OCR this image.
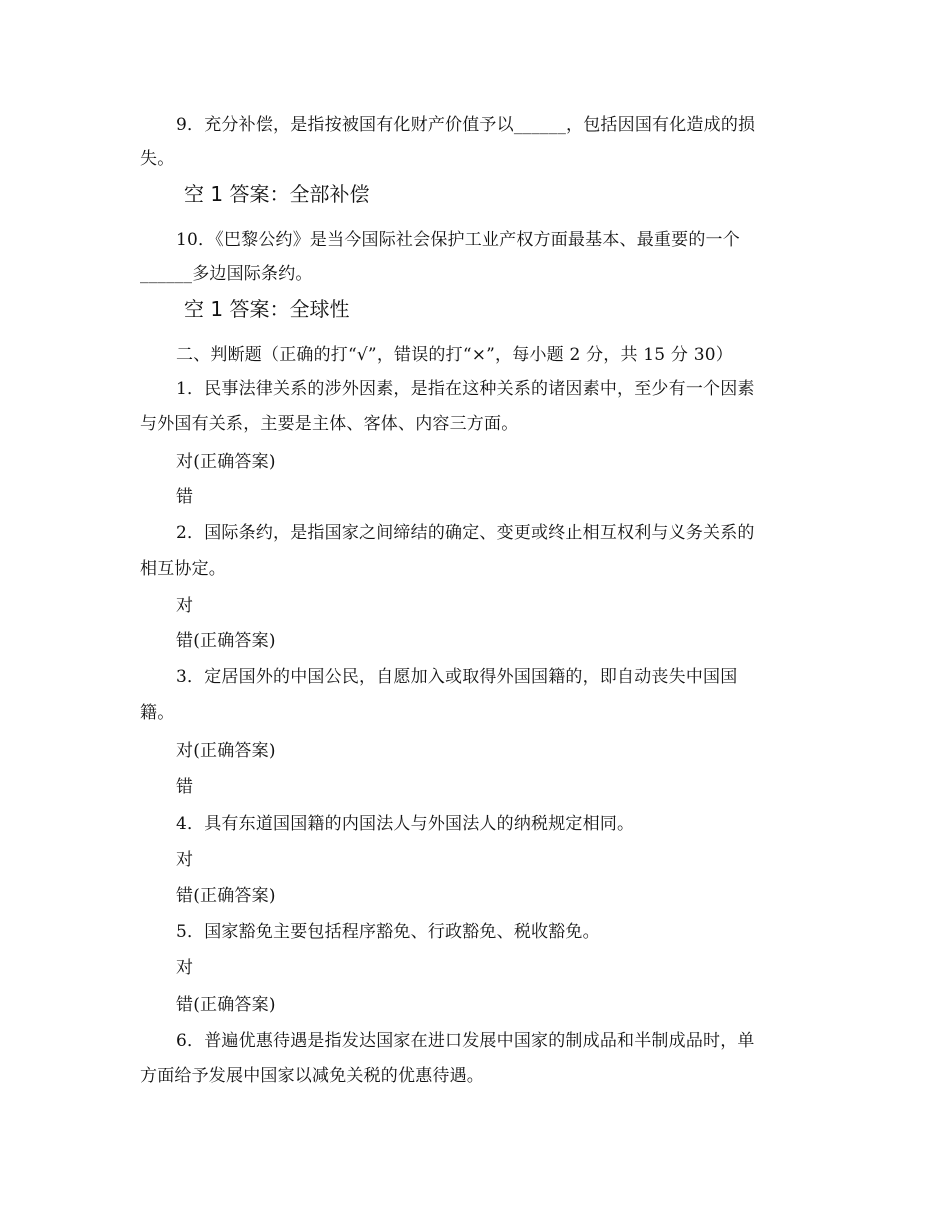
9．充分补偿，是指按被国有化财产价值予以______，包括因国有化造成的损
失。
空 1 答案：全部补偿
10．《巴黎公约》是当今国际社会保护工业产权方面最基本、最重要的一个
______多边国际条约。
空 1 答案：全球性
二、判断题（正确的打“√”，错误的打“×”，每小题 2 分，共 15 分 30）
1．民事法律关系的涉外因素，是指在这种关系的诸因素中，至少有一个因素
与外国有关系，主要是主体、客体、内容三方面。
对(正确答案)
错
2．国际条约，是指国家之间缔结的确定、变更或终止相互权利与义务关系的
相互协定。
对
错(正确答案)
3．定居国外的中国公民，自愿加入或取得外国国籍的，即自动丧失中国国
籍。
对(正确答案)
错
4．具有东道国国籍的内国法人与外国法人的纳税规定相同。
对
错(正确答案)
5．国家豁免主要包括程序豁免、行政豁免、税收豁免。
对
错(正确答案)
6．普遍优惠待遇是指发达国家在进口发展中国家的制成品和半制成品时，单
方面给予发展中国家以减免关税的优惠待遇。
